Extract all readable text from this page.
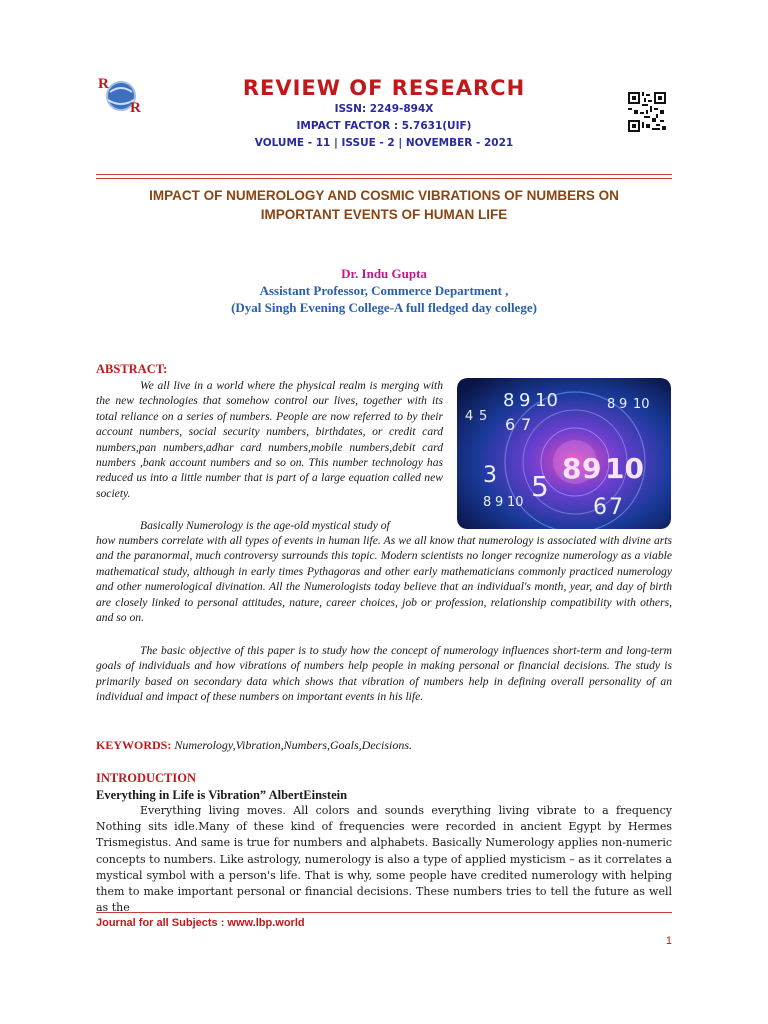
R
R
REVIEW OF RESEARCH
ISSN: 2249-894X
IMPACT FACTOR : 5.7631(UIF)
VOLUME - 11 | ISSUE - 2 | NOVEMBER - 2021
IMPACT OF NUMEROLOGY AND COSMIC VIBRATIONS OF NUMBERS ON
IMPORTANT EVENTS OF HUMAN LIFE
Dr. Indu Gupta
Assistant Professor, Commerce Department ,
(Dyal Singh Evening College-A full fledged day college)
ABSTRACT:
We all live in a world where the physical realm is merging with the new technologies that somehow control our lives, together with its total reliance on a series of numbers. People are now referred to by their account numbers, social security numbers, birthdates, or credit card numbers,pan numbers,adhar card numbers,mobile numbers,debit card numbers ,bank account numbers and so on. This number technology has reduced us into a little number that is part of a large equation called new society.
Basically Numerology is the age-old mystical study of
how numbers correlate with all types of events in human life. As we all know that numerology is associated with divine arts and the paranormal, much controversy surrounds this topic. Modern scientists no longer recognize numerology as a viable mathematical study, although in early times Pythagoras and other early mathematicians commonly practiced numerology and other numerological divination. All the Numerologists today believe that an individual's month, year, and day of birth are closely linked to personal attitudes, nature, career choices, job or profession, relationship compatibility with others, and so on.
The basic objective of this paper is to study how the concept of numerology influences short-term and long-term goals of individuals and how vibrations of numbers help people in making personal or financial decisions. The study is primarily based on secondary data which shows that vibration of numbers help in defining overall personality of an individual and impact of these numbers on important events in his life.
8 9 10
4 5 6 7
8 9 10
3 5
8 9 10	6 7
8 9 10
KEYWORDS: Numerology,Vibration,Numbers,Goals,Decisions.
INTRODUCTION
Everything in Life is Vibration” AlbertEinstein
Everything living moves. All colors and sounds everything living vibrate to a frequency Nothing sits idle.Many of these kind of frequencies were recorded in ancient Egypt by Hermes Trismegistus. And same is true for numbers and alphabets. Basically Numerology applies non-numeric concepts to numbers. Like astrology, numerology is also a type of applied mysticism – as it correlates a mystical symbol with a person's life. That is why, some people have credited numerology with helping them to make important personal or financial decisions. These numbers tries to tell the future as well as the
Journal for all Subjects : www.lbp.world
1
